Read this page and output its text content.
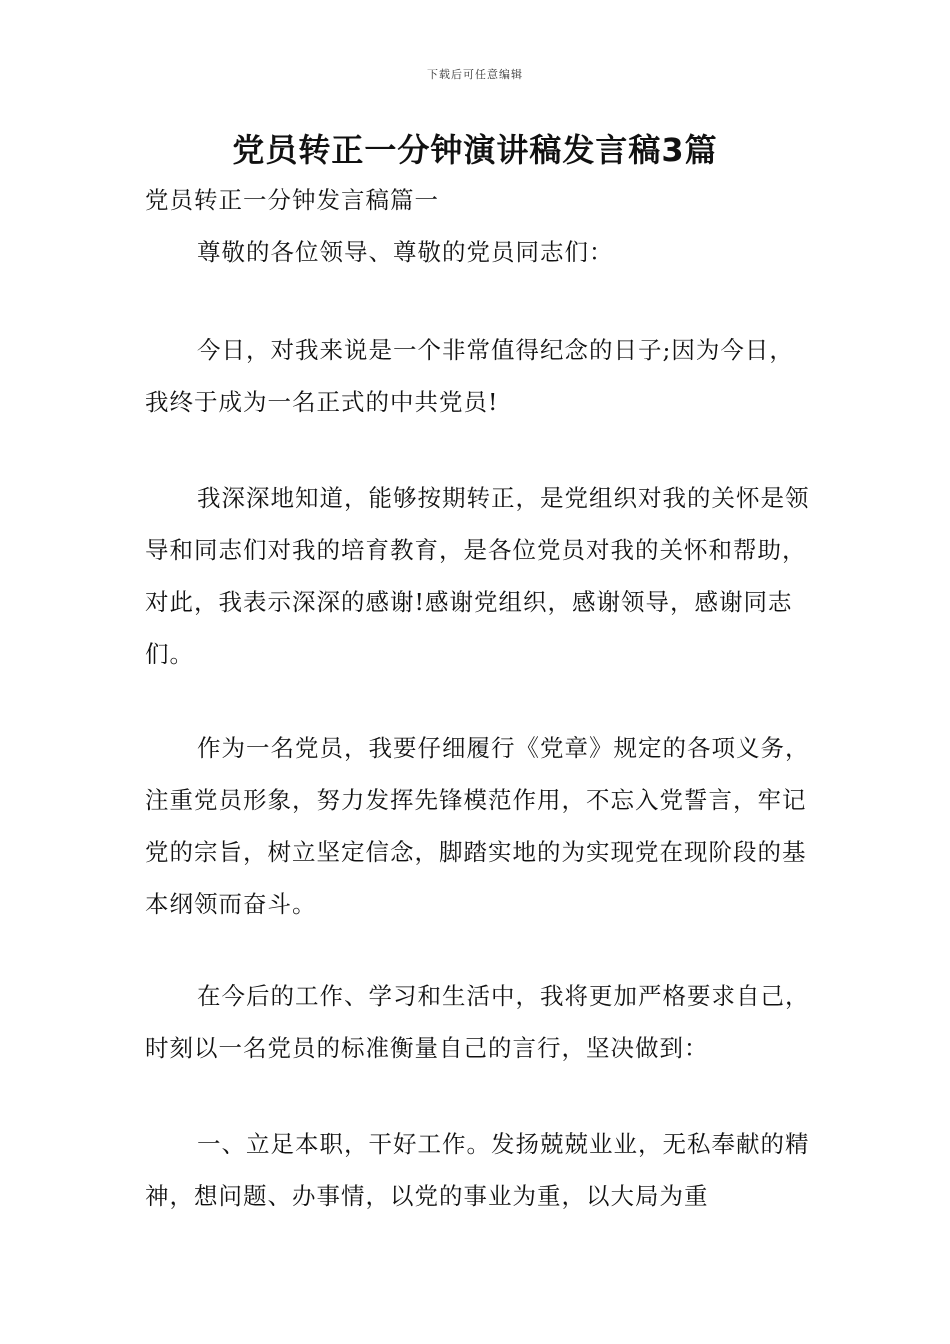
下载后可任意编辑
党员转正一分钟演讲稿发言稿3篇
党员转正一分钟发言稿篇一

尊敬的各位领导、尊敬的党员同志们：

今日，对我来说是一个非常值得纪念的日子;因为今日，我终于成为一名正式的中共党员!

我深深地知道，能够按期转正，是党组织对我的关怀是领导和同志们对我的培育教育，是各位党员对我的关怀和帮助，对此，我表示深深的感谢!感谢党组织，感谢领导，感谢同志们。

作为一名党员，我要仔细履行《党章》规定的各项义务，注重党员形象，努力发挥先锋模范作用，不忘入党誓言，牢记党的宗旨，树立坚定信念，脚踏实地的为实现党在现阶段的基本纲领而奋斗。

在今后的工作、学习和生活中，我将更加严格要求自己，时刻以一名党员的标准衡量自己的言行，坚决做到：

一、立足本职，干好工作。发扬兢兢业业，无私奉献的精神，想问题、办事情，以党的事业为重，以大局为重
